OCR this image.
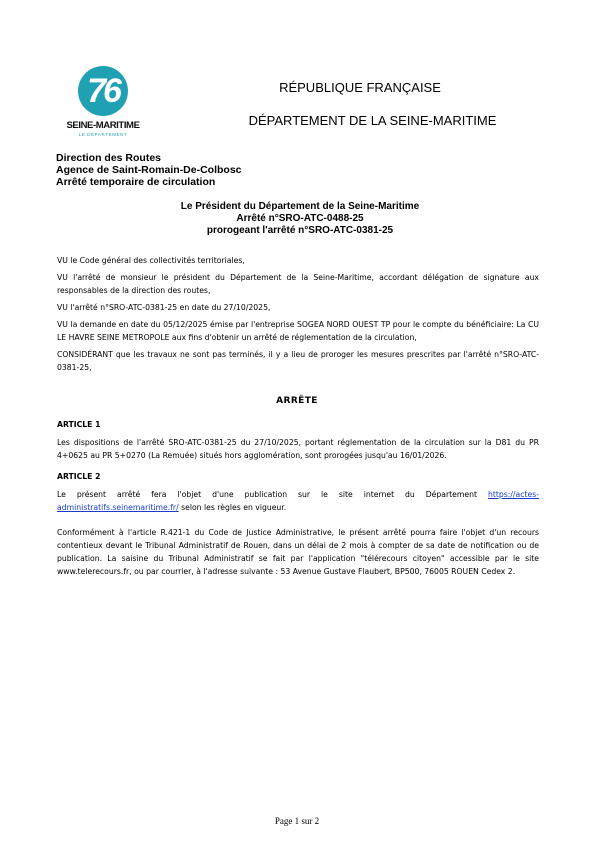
76
SEINE-MARITIME
LE DÉPARTEMENT
RÉPUBLIQUE FRANÇAISE
DÉPARTEMENT DE LA SEINE-MARITIME
Direction des Routes
Agence de Saint-Romain-De-Colbosc
Arrêté temporaire de circulation
Le Président du Département de la Seine-Maritime
Arrêté n°SRO-ATC-0488-25
prorogeant l'arrêté n°SRO-ATC-0381-25
VU le Code général des collectivités territoriales,
VU l'arrêté de monsieur le président du Département de la Seine-Maritime, accordant délégation de signature aux responsables de la direction des routes,
VU l'arrêté n°SRO-ATC-0381-25 en date du 27/10/2025,
VU la demande en date du 05/12/2025 émise par l'entreprise SOGEA NORD OUEST TP pour le compte du bénéficiaire: La CU LE HAVRE SEINE METROPOLE aux fins d'obtenir un arrêté de réglementation de la circulation,
CONSIDÉRANT que les travaux ne sont pas terminés, il y a lieu de proroger les mesures prescrites par l'arrêté n°SRO-ATC-0381-25,
ARRÊTE
ARTICLE 1
Les dispositions de l'arrêté SRO-ATC-0381-25 du 27/10/2025, portant réglementation de la circulation sur la D81 du PR 4+0625 au PR 5+0270 (La Remuée) situés hors agglomération, sont prorogées jusqu'au 16/01/2026.
ARTICLE 2
Le présent arrêté fera l'objet d'une publication sur le site internet du Département https://actes-administratifs.seinemaritime.fr/ selon les règles en vigueur.
Conformément à l'article R.421-1 du Code de Justice Administrative, le présent arrêté pourra faire l'objet d'un recours contentieux devant le Tribunal Administratif de Rouen, dans un délai de 2 mois à compter de sa date de notification ou de publication. La saisine du Tribunal Administratif se fait par l'application "télérecours citoyen" accessible par le site www.telerecours.fr, ou par courrier, à l'adresse suivante : 53 Avenue Gustave Flaubert, BP500, 76005 ROUEN Cedex 2.
Page 1 sur 2
